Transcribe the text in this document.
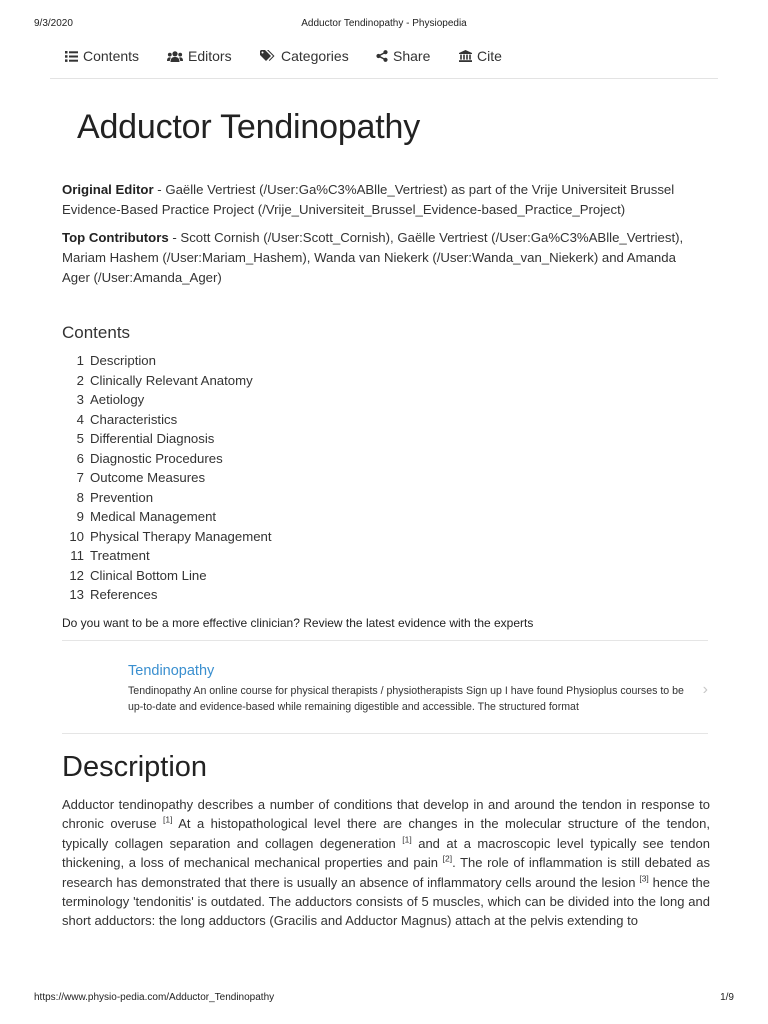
9/3/2020	Adductor Tendinopathy - Physiopedia
Contents	Editors	Categories	Share	Cite
Adductor Tendinopathy

Original Editor - Gaëlle Vertriest (/User:Ga%C3%ABlle_Vertriest) as part of the Vrije Universiteit Brussel Evidence-Based Practice Project (/Vrije_Universiteit_Brussel_Evidence-based_Practice_Project)

Top Contributors - Scott Cornish (/User:Scott_Cornish), Gaëlle Vertriest (/User:Ga%C3%ABlle_Vertriest), Mariam Hashem (/User:Mariam_Hashem), Wanda van Niekerk (/User:Wanda_van_Niekerk) and Amanda Ager (/User:Amanda_Ager)

Contents
1 Description
2 Clinically Relevant Anatomy
3 Aetiology
4 Characteristics
5 Differential Diagnosis
6 Diagnostic Procedures
7 Outcome Measures
8 Prevention
9 Medical Management
10 Physical Therapy Management
11 Treatment
12 Clinical Bottom Line
13 References
Do you want to be a more effective clinician? Review the latest evidence with the experts
Tendinopathy
Tendinopathy An online course for physical therapists / physiotherapists Sign up I have found Physioplus courses to be up-to-date and evidence-based while remaining digestible and accessible. The structured format
›
Description

Adductor tendinopathy describes a number of conditions that develop in and around the tendon in response to chronic overuse [1] At a histopathological level there are changes in the molecular structure of the tendon, typically collagen separation and collagen degeneration [1] and at a macroscopic level typically see tendon thickening, a loss of mechanical mechanical properties and pain [2]. The role of inflammation is still debated as research has demonstrated that there is usually an absence of inflammatory cells around the lesion [3] hence the terminology 'tendonitis' is outdated. The adductors consists of 5 muscles, which can be divided into the long and short adductors: the long adductors (Gracilis and Adductor Magnus) attach at the pelvis extending to

https://www.physio-pedia.com/Adductor_Tendinopathy	1/9
